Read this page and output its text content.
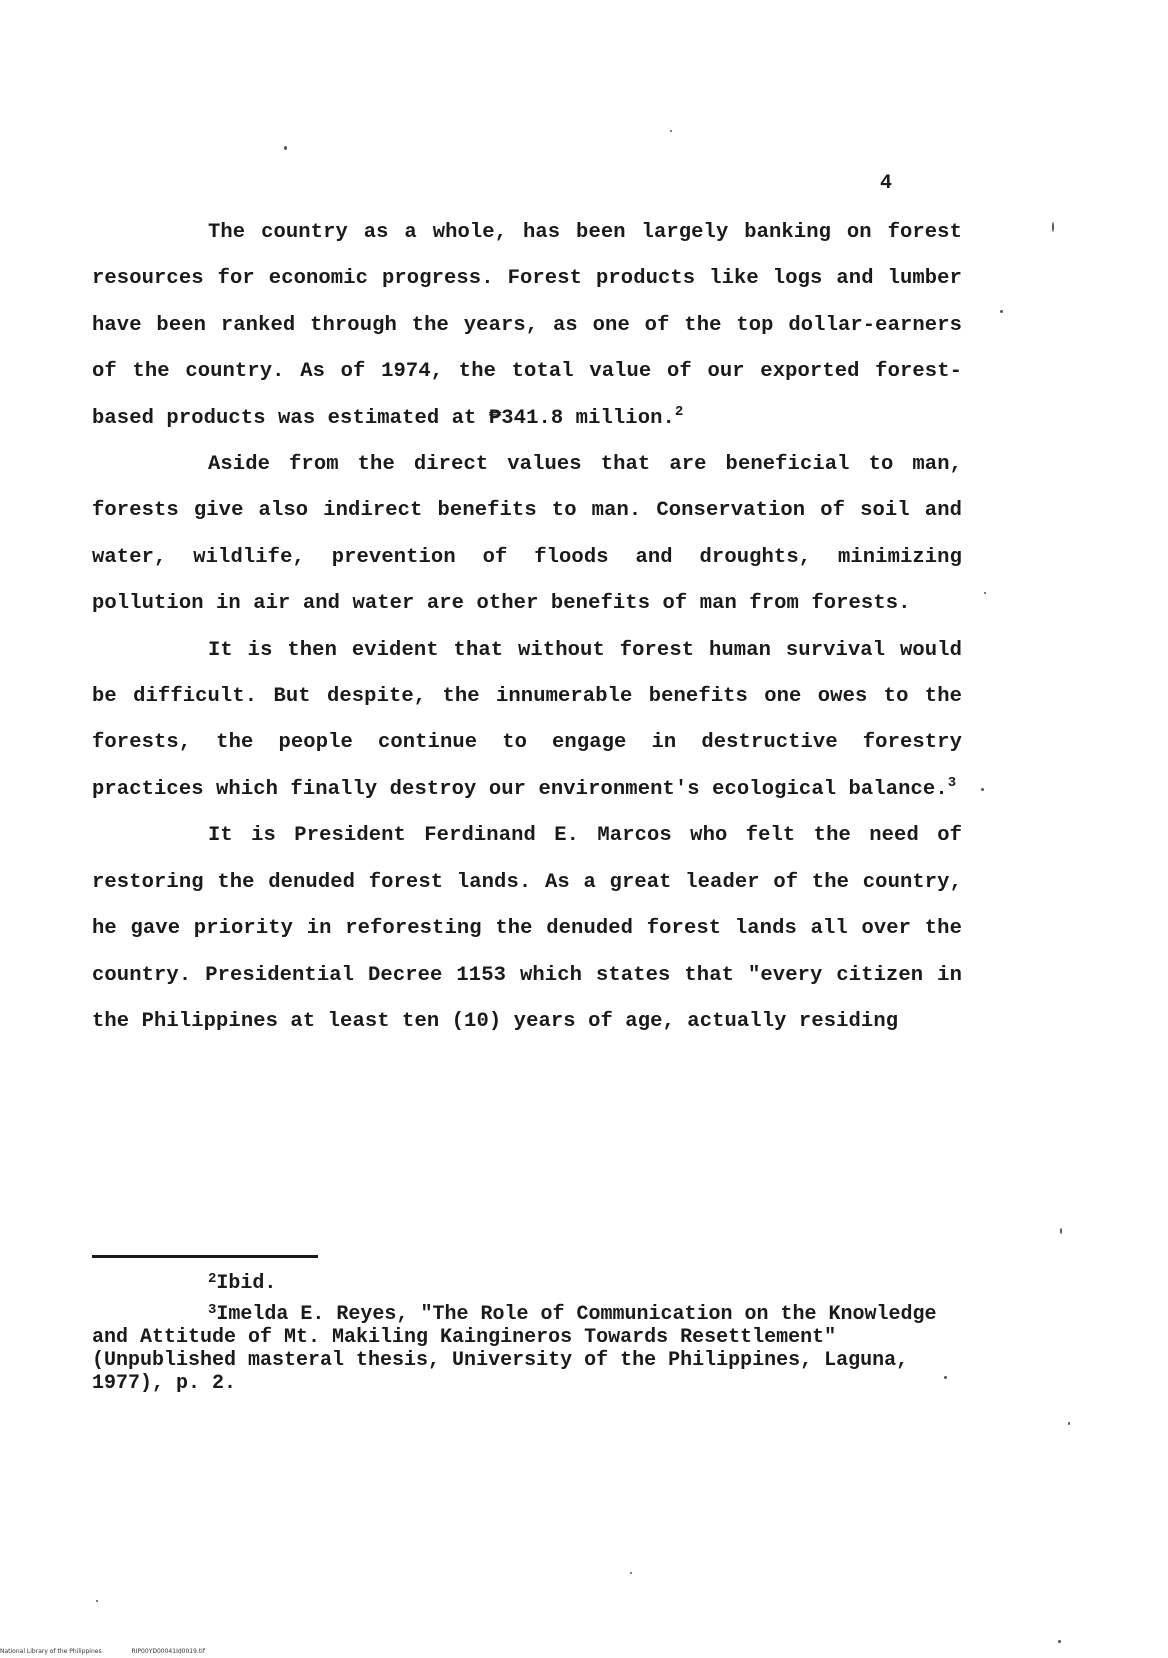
4

The country as a whole, has been largely banking on forest resources for economic progress. Forest products like logs and lumber have been ranked through the years, as one of the top dollar-earners of the country. As of 1974, the total value of our exported forest-based products was estimated at ₱341.8 million.$^2$

Aside from the direct values that are beneficial to man, forests give also indirect benefits to man. Conservation of soil and water, wildlife, prevention of floods and droughts, minimizing pollution in air and water are other benefits of man from forests.

It is then evident that without forest human survival would be difficult. But despite, the innumerable benefits one owes to the forests, the people continue to engage in destructive forestry practices which finally destroy our environment's ecological balance.$^3$

It is President Ferdinand E. Marcos who felt the need of restoring the denuded forest lands. As a great leader of the country, he gave priority in reforesting the denuded forest lands all over the country. Presidential Decree 1153 which states that "every citizen in the Philippines at least ten (10) years of age, actually residing

$^2$Ibid.

$^3$Imelda E. Reyes, "The Role of Communication on the Knowledge and Attitude of Mt. Makiling Kaingineros Towards Resettlement" (Unpublished masteral thesis, University of the Philippines, Laguna, 1977), p. 2.

National Library of the Philippines	RIP00YD00041Id0019.tif
